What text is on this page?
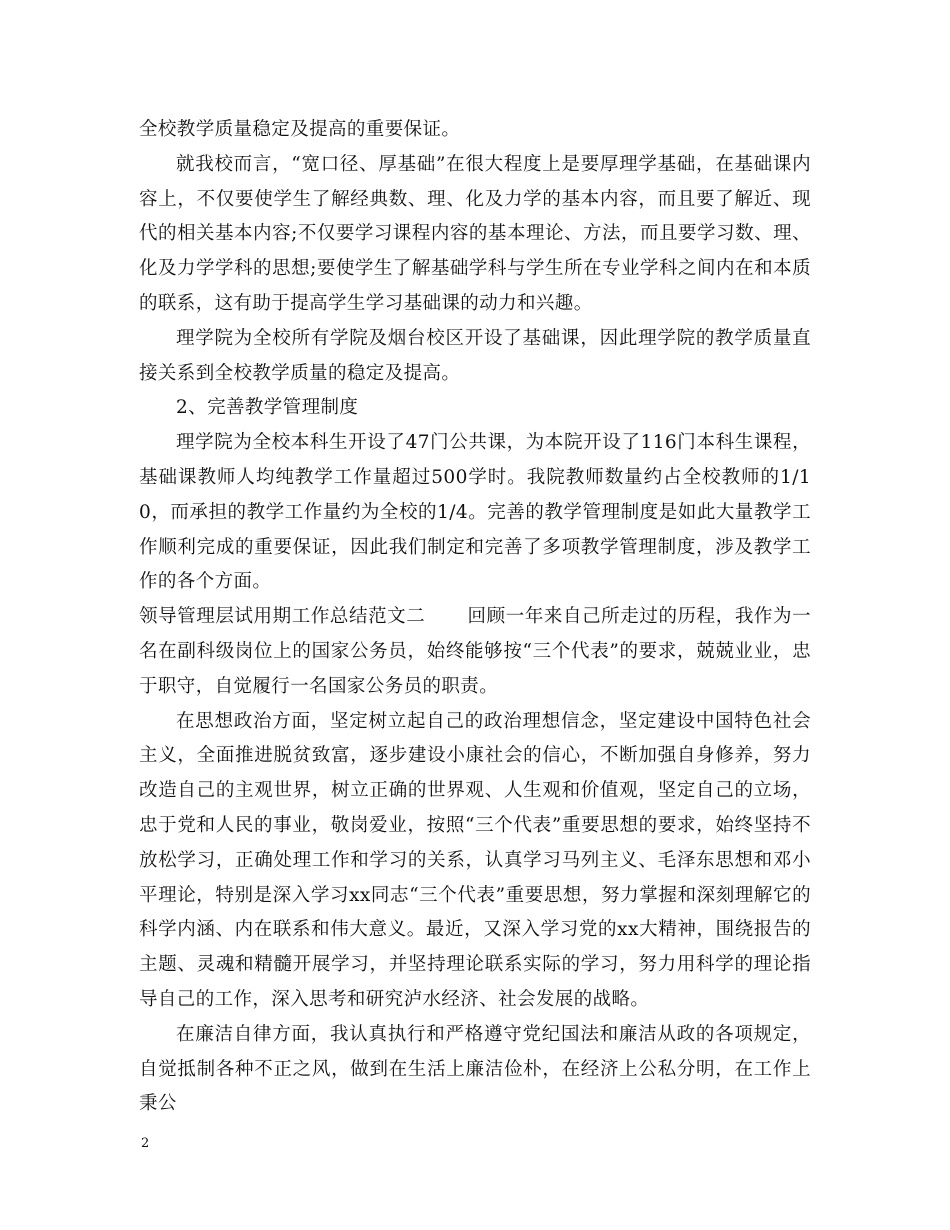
全校教学质量稳定及提高的重要保证。

就我校而言，“宽口径、厚基础”在很大程度上是要厚理学基础，在基础课内容上，不仅要使学生了解经典数、理、化及力学的基本内容，而且要了解近、现代的相关基本内容;不仅要学习课程内容的基本理论、方法，而且要学习数、理、化及力学学科的思想;要使学生了解基础学科与学生所在专业学科之间内在和本质的联系，这有助于提高学生学习基础课的动力和兴趣。

理学院为全校所有学院及烟台校区开设了基础课，因此理学院的教学质量直接关系到全校教学质量的稳定及提高。

2、完善教学管理制度

理学院为全校本科生开设了47门公共课，为本院开设了116门本科生课程，基础课教师人均纯教学工作量超过500学时。我院教师数量约占全校教师的1/10，而承担的教学工作量约为全校的1/4。完善的教学管理制度是如此大量教学工作顺利完成的重要保证，因此我们制定和完善了多项教学管理制度，涉及教学工作的各个方面。

领导管理层试用期工作总结范文二 回顾一年来自己所走过的历程，我作为一名在副科级岗位上的国家公务员，始终能够按“三个代表”的要求，兢兢业业，忠于职守，自觉履行一名国家公务员的职责。

在思想政治方面，坚定树立起自己的政治理想信念，坚定建设中国特色社会主义，全面推进脱贫致富，逐步建设小康社会的信心，不断加强自身修养，努力改造自己的主观世界，树立正确的世界观、人生观和价值观，坚定自己的立场，忠于党和人民的事业，敬岗爱业，按照“三个代表”重要思想的要求，始终坚持不放松学习，正确处理工作和学习的关系，认真学习马列主义、毛泽东思想和邓小平理论，特别是深入学习xx同志“三个代表”重要思想，努力掌握和深刻理解它的科学内涵、内在联系和伟大意义。最近，又深入学习党的xx大精神，围绕报告的主题、灵魂和精髓开展学习，并坚持理论联系实际的学习，努力用科学的理论指导自己的工作，深入思考和研究泸水经济、社会发展的战略。

在廉洁自律方面，我认真执行和严格遵守党纪国法和廉洁从政的各项规定，自觉抵制各种不正之风，做到在生活上廉洁俭朴，在经济上公私分明，在工作上秉公

2
